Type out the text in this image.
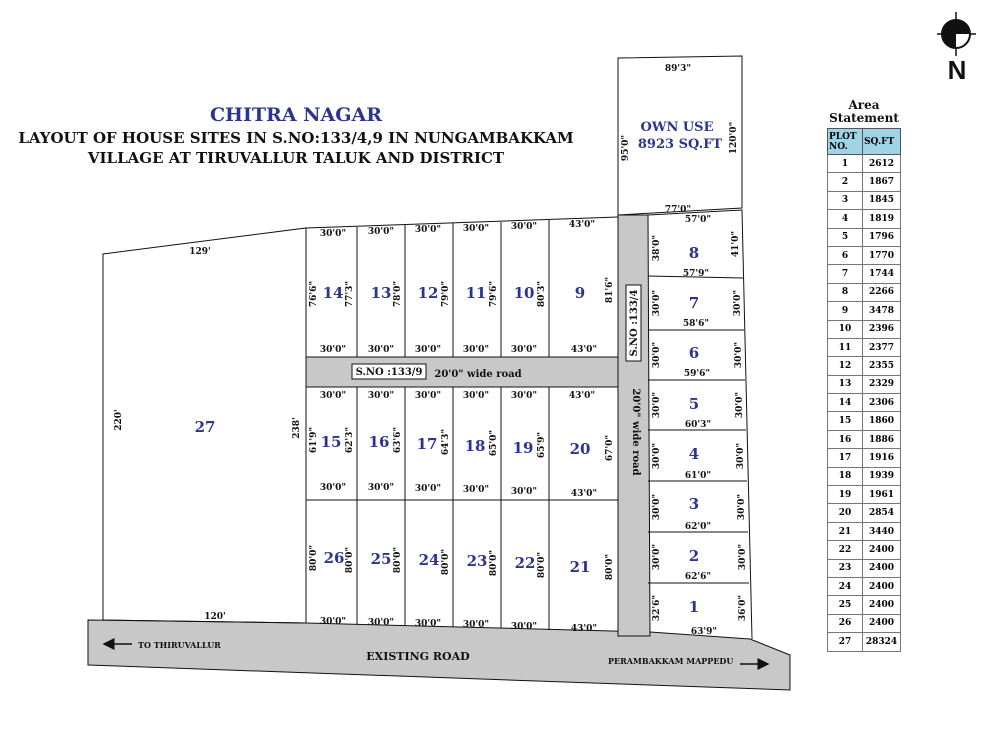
CHITRA NAGAR
LAYOUT OF HOUSE SITES IN S.NO:133/4,9 IN NUNGAMBAKKAM
VILLAGE AT TIRUVALLUR TALUK AND DISTRICT
N
27
129'
120'
220'	238'
OWN USE
8923 SQ.FT
89'3"
77'0"
95'0"	120'0"
S.NO :133/9 20'0" wide road
S.NO :133/4
20'0" wide road
EXISTING ROAD
TO THIRUVALLUR
PERAMBAKKAM MAPPEDU
14 13 12 11 10	9
15 16 17 18 19 20
26 25 24 23 22 21
8
7
6
5
4
3
2
1
30'0" 30'0" 30'0" 30'0" 30'0"	43'0"
30'0" 30'0" 30'0" 30'0" 30'0"	43'0"
76'6"	77'3"	78'0"	79'0"	79'6"	80'3"	81'6"
30'0" 30'0" 30'0" 30'0" 30'0"	43'0"
30'0" 30'0" 30'0" 30'0" 30'0"	43'0"
61'9"	62'3"	63'6"	64'3"	65'0"	65'9"	67'0"
30'0" 30'0" 30'0" 30'0" 30'0"	43'0"
80'0"	80'0"	80'0"	80'0"	80'0"	80'0"	80'0"
57'0"
38'0"	41'0"
57'9"
58'6"
59'6"
60'3"
61'0"
62'0"
62'6"
63'9"
32'6"	36'0"
30'0"	30'0"
30'0"	30'0"
30'0"	30'0"
30'0"	30'0"
30'0"	30'0"
30'0"	30'0"
Area
Statement
PLOT
NO.	SQ.FT
1	2612
2	1867
3	1845
4	1819
5	1796
6	1770
7	1744
8	2266
9	3478
10	2396
11	2377
12	2355
13	2329
14	2306
15	1860
16	1886
17	1916
18	1939
19	1961
20	2854
21	3440
22	2400
23	2400
24	2400
25	2400
26	2400
27	28324
